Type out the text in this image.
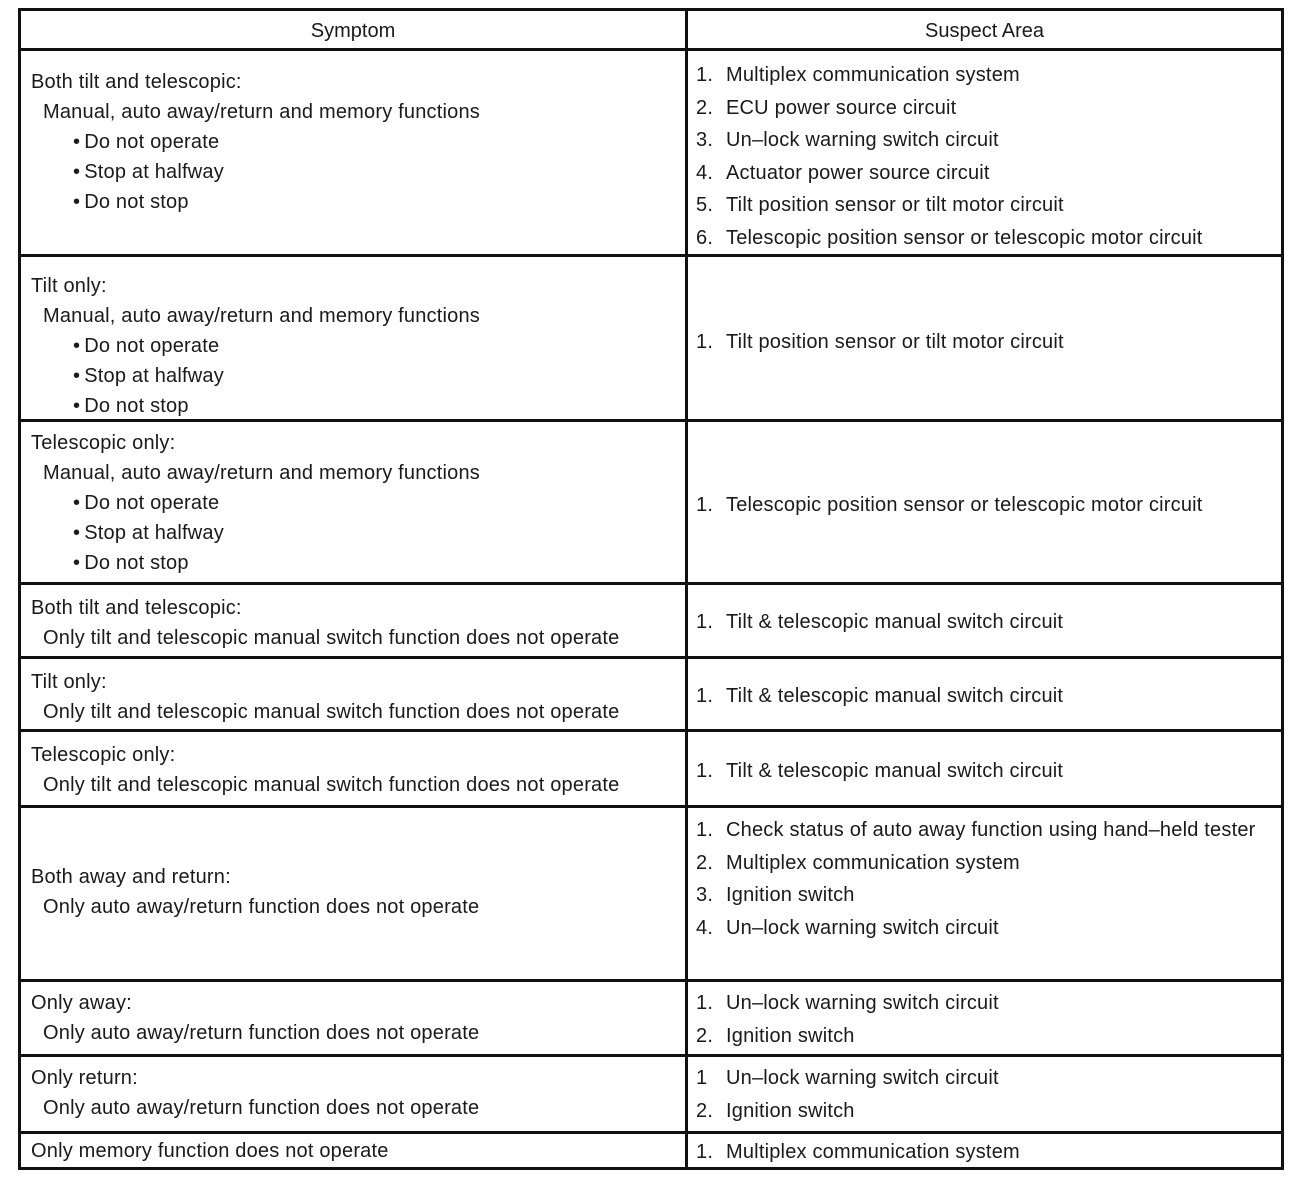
Symptom	Suspect Area
Both tilt and telescopic:
Manual, auto away/return and memory functions
• Do not operate
• Stop at halfway
• Do not stop
1. Multiplex communication system
2. ECU power source circuit
3. Un–lock warning switch circuit
4. Actuator power source circuit
5. Tilt position sensor or tilt motor circuit
6. Telescopic position sensor or telescopic motor circuit
Tilt only:
Manual, auto away/return and memory functions
• Do not operate
• Stop at halfway
• Do not stop
1. Tilt position sensor or tilt motor circuit
Telescopic only:
Manual, auto away/return and memory functions
• Do not operate
• Stop at halfway
• Do not stop
1. Telescopic position sensor or telescopic motor circuit
Both tilt and telescopic:
Only tilt and telescopic manual switch function does not operate
1. Tilt & telescopic manual switch circuit
Tilt only:
Only tilt and telescopic manual switch function does not operate
1. Tilt & telescopic manual switch circuit
Telescopic only:
Only tilt and telescopic manual switch function does not operate
1. Tilt & telescopic manual switch circuit
Both away and return:
Only auto away/return function does not operate
1. Check status of auto away function using hand–held tester
2. Multiplex communication system
3. Ignition switch
4. Un–lock warning switch circuit
Only away:
Only auto away/return function does not operate
1. Un–lock warning switch circuit
2. Ignition switch
Only return:
Only auto away/return function does not operate
1 Un–lock warning switch circuit
2. Ignition switch
Only memory function does not operate	1. Multiplex communication system
